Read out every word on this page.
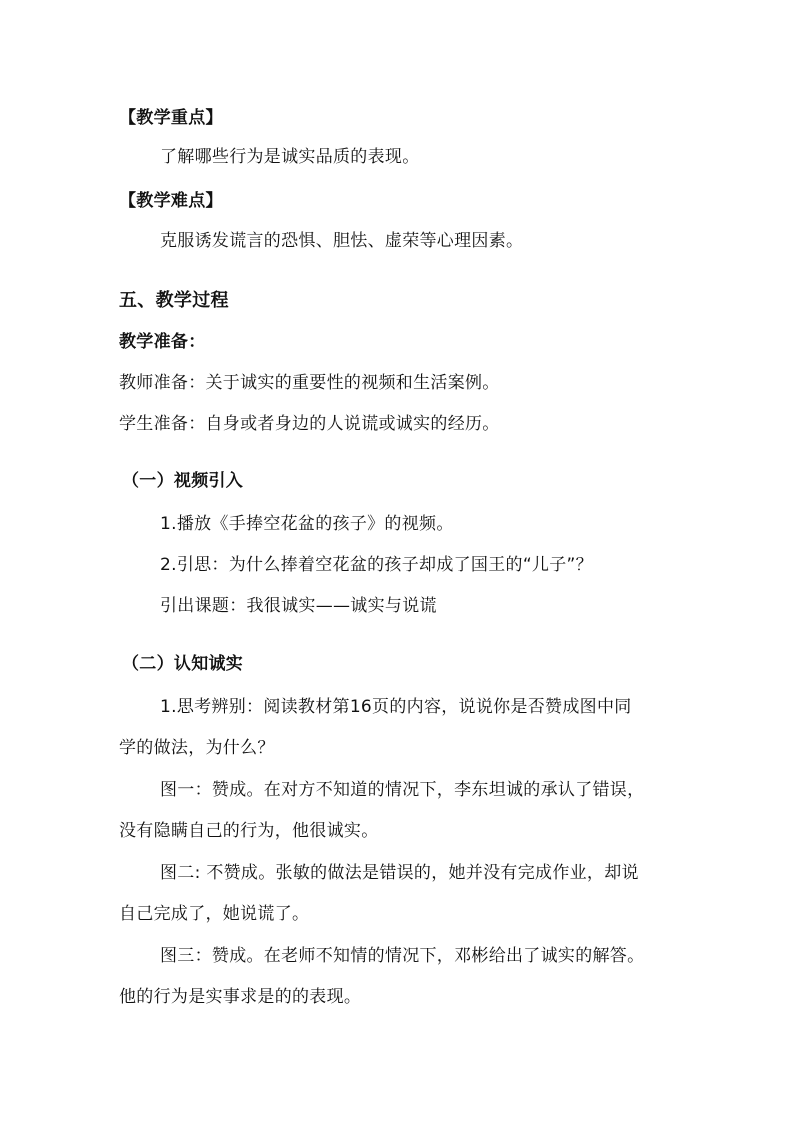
【教学重点】
了解哪些行为是诚实品质的表现。
【教学难点】
克服诱发谎言的恐惧、胆怯、虚荣等心理因素。
五、教学过程
教学准备：
教师准备：关于诚实的重要性的视频和生活案例。
学生准备：自身或者身边的人说谎或诚实的经历。
（一）视频引入
1.播放《手捧空花盆的孩子》的视频。
2.引思：为什么捧着空花盆的孩子却成了国王的“儿子”？
引出课题：我很诚实——诚实与说谎
（二）认知诚实
1.思考辨别：阅读教材第16页的内容，说说你是否赞成图中同
学的做法，为什么？
图一：赞成。在对方不知道的情况下，李东坦诚的承认了错误，
没有隐瞒自己的行为，他很诚实。
图二: 不赞成。张敏的做法是错误的，她并没有完成作业，却说
自己完成了，她说谎了。
图三：赞成。在老师不知情的情况下，邓彬给出了诚实的解答。
他的行为是实事求是的的表现。
